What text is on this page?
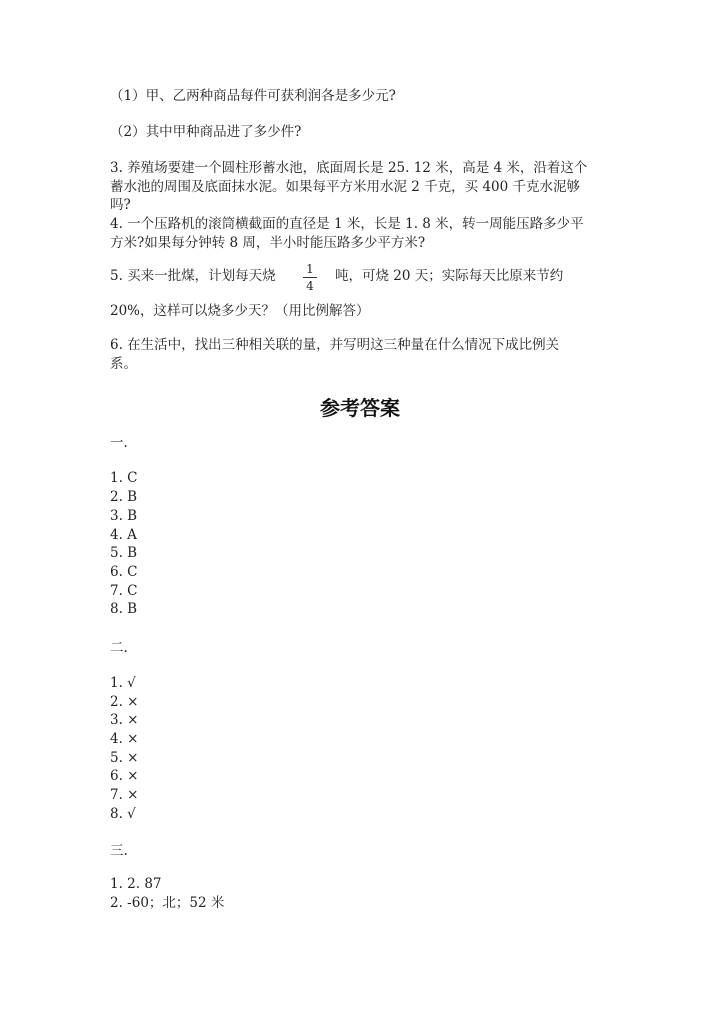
（1）甲、乙两种商品每件可获利润各是多少元?
（2）其中甲种商品进了多少件?
3. 养殖场要建一个圆柱形蓄水池，底面周长是 25. 12 米，高是 4 米，沿着这个
蓄水池的周围及底面抹水泥。如果每平方米用水泥 2 千克，买 400 千克水泥够
吗?
4. 一个压路机的滚筒横截面的直径是 1 米，长是 1. 8 米，转一周能压路多少平
方米?如果每分钟转 8 周，半小时能压路多少平方米?
5. 买来一批煤，计划每天烧	1
4
吨，可烧 20 天；实际每天比原来节约
20%，这样可以烧多少天？（用比例解答）
6. 在生活中，找出三种相关联的量，并写明这三种量在什么情况下成比例关
系。
参考答案
一.
1. C
2. B
3. B
4. A
5. B
6. C
7. C
8. B
二.
1. √
2. ×
3. ×
4. ×
5. ×
6. ×
7. ×
8. √
三.
1. 2. 87
2. -60；北；52 米
